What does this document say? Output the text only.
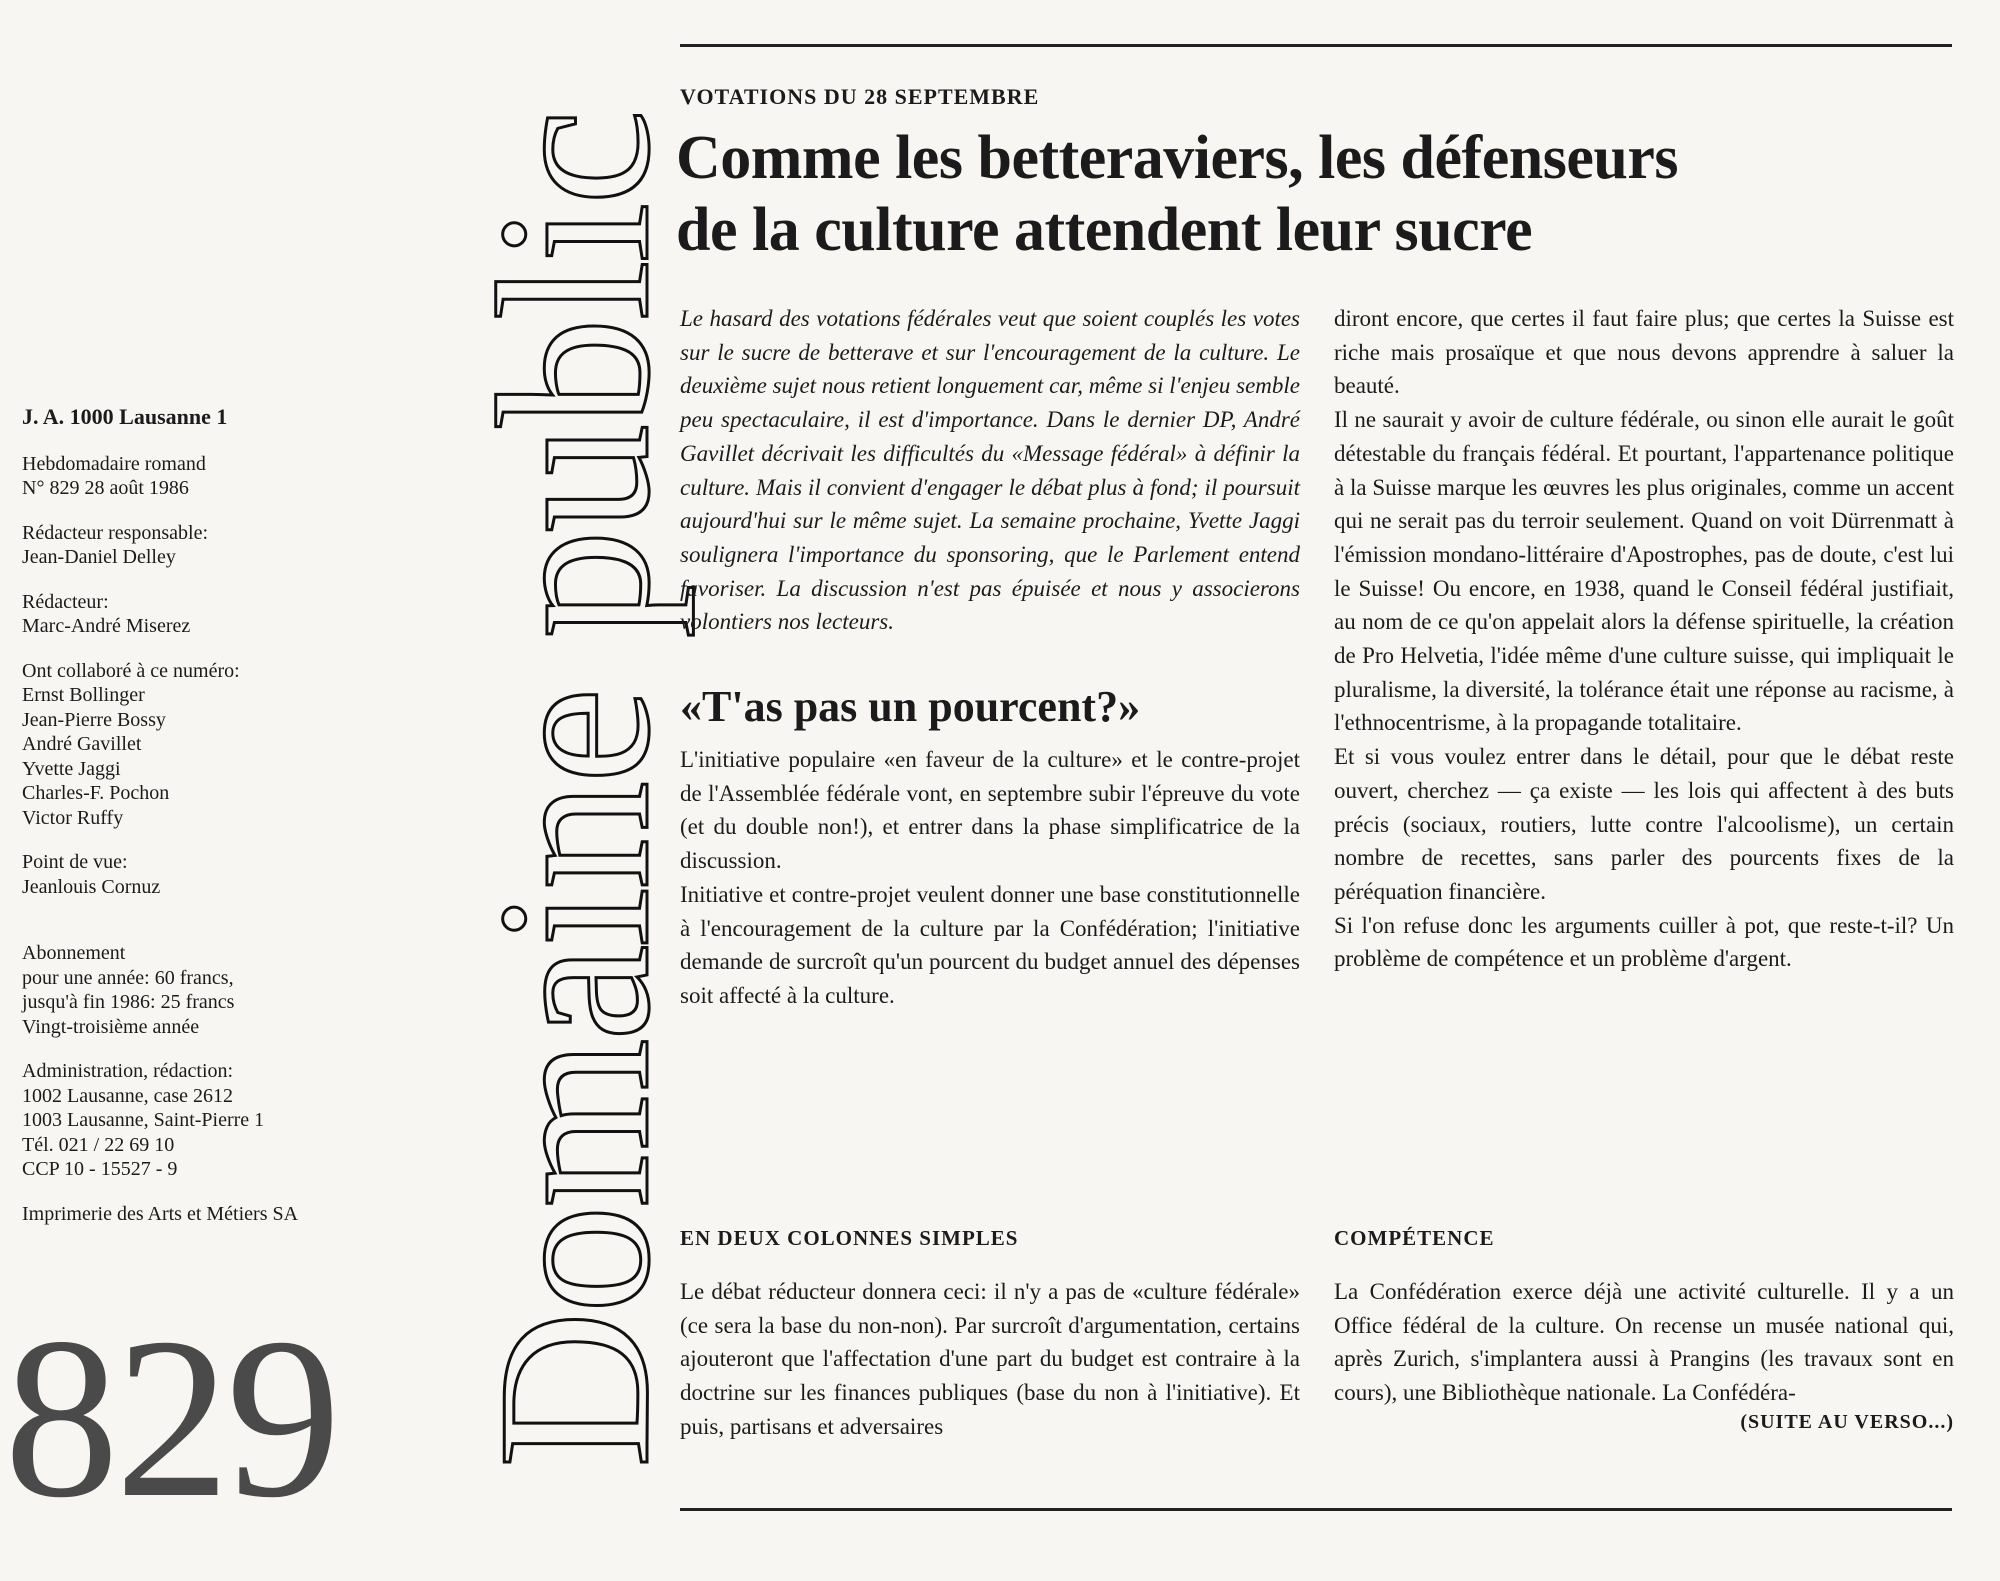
Domaine public
J. A. 1000 Lausanne 1
Hebdomadaire romand
N° 829 28 août 1986
Rédacteur responsable:
Jean-Daniel Delley
Rédacteur:
Marc-André Miserez
Ont collaboré à ce numéro:
Ernst Bollinger
Jean-Pierre Bossy
André Gavillet
Yvette Jaggi
Charles-F. Pochon
Victor Ruffy
Point de vue:
Jeanlouis Cornuz
Abonnement
pour une année: 60 francs,
jusqu'à fin 1986: 25 francs
Vingt-troisième année
Administration, rédaction:
1002 Lausanne, case 2612
1003 Lausanne, Saint-Pierre 1
Tél. 021 / 22 69 10
CCP 10 - 15527 - 9
Imprimerie des Arts et Métiers SA
829
VOTATIONS DU 28 SEPTEMBRE
Comme les betteraviers, les défenseurs
de la culture attendent leur sucre

Le hasard des votations fédérales veut que soient couplés les votes sur le sucre de betterave et sur l'encouragement de la culture. Le deuxième sujet nous retient longuement car, même si l'enjeu semble peu spectaculaire, il est d'importance. Dans le dernier DP, André Gavillet décrivait les difficultés du «Message fédéral» à définir la culture. Mais il convient d'engager le débat plus à fond; il poursuit aujourd'hui sur le même sujet. La semaine prochaine, Yvette Jaggi soulignera l'importance du sponsoring, que le Parlement entend favoriser. La discussion n'est pas épuisée et nous y associerons volontiers nos lecteurs.

«T'as pas un pourcent?»

L'initiative populaire «en faveur de la culture» et le contre-projet de l'Assemblée fédérale vont, en septembre subir l'épreuve du vote (et du double non!), et entrer dans la phase simplificatrice de la discussion.

Initiative et contre-projet veulent donner une base constitutionnelle à l'encouragement de la culture par la Confédération; l'initiative demande de surcroît qu'un pourcent du budget annuel des dépenses soit affecté à la culture.

EN DEUX COLONNES SIMPLES

Le débat réducteur donnera ceci: il n'y a pas de «culture fédérale» (ce sera la base du non-non). Par surcroît d'argumentation, certains ajouteront que l'affectation d'une part du budget est contraire à la doctrine sur les finances publiques (base du non à l'initiative). Et puis, partisans et adversaires

diront encore, que certes il faut faire plus; que certes la Suisse est riche mais prosaïque et que nous devons apprendre à saluer la beauté.

Il ne saurait y avoir de culture fédérale, ou sinon elle aurait le goût détestable du français fédéral. Et pourtant, l'appartenance politique à la Suisse marque les œuvres les plus originales, comme un accent qui ne serait pas du terroir seulement. Quand on voit Dürrenmatt à l'émission mondano-littéraire d'Apostrophes, pas de doute, c'est lui le Suisse! Ou encore, en 1938, quand le Conseil fédéral justifiait, au nom de ce qu'on appelait alors la défense spirituelle, la création de Pro Helvetia, l'idée même d'une culture suisse, qui impliquait le pluralisme, la diversité, la tolérance était une réponse au racisme, à l'ethnocentrisme, à la propagande totalitaire.

Et si vous voulez entrer dans le détail, pour que le débat reste ouvert, cherchez — ça existe — les lois qui affectent à des buts précis (sociaux, routiers, lutte contre l'alcoolisme), un certain nombre de recettes, sans parler des pourcents fixes de la péréquation financière.

Si l'on refuse donc les arguments cuiller à pot, que reste-t-il? Un problème de compétence et un problème d'argent.

COMPÉTENCE

La Confédération exerce déjà une activité culturelle. Il y a un Office fédéral de la culture. On recense un musée national qui, après Zurich, s'implantera aussi à Prangins (les travaux sont en cours), une Bibliothèque nationale. La Confédéra-

(SUITE AU VERSO...)
